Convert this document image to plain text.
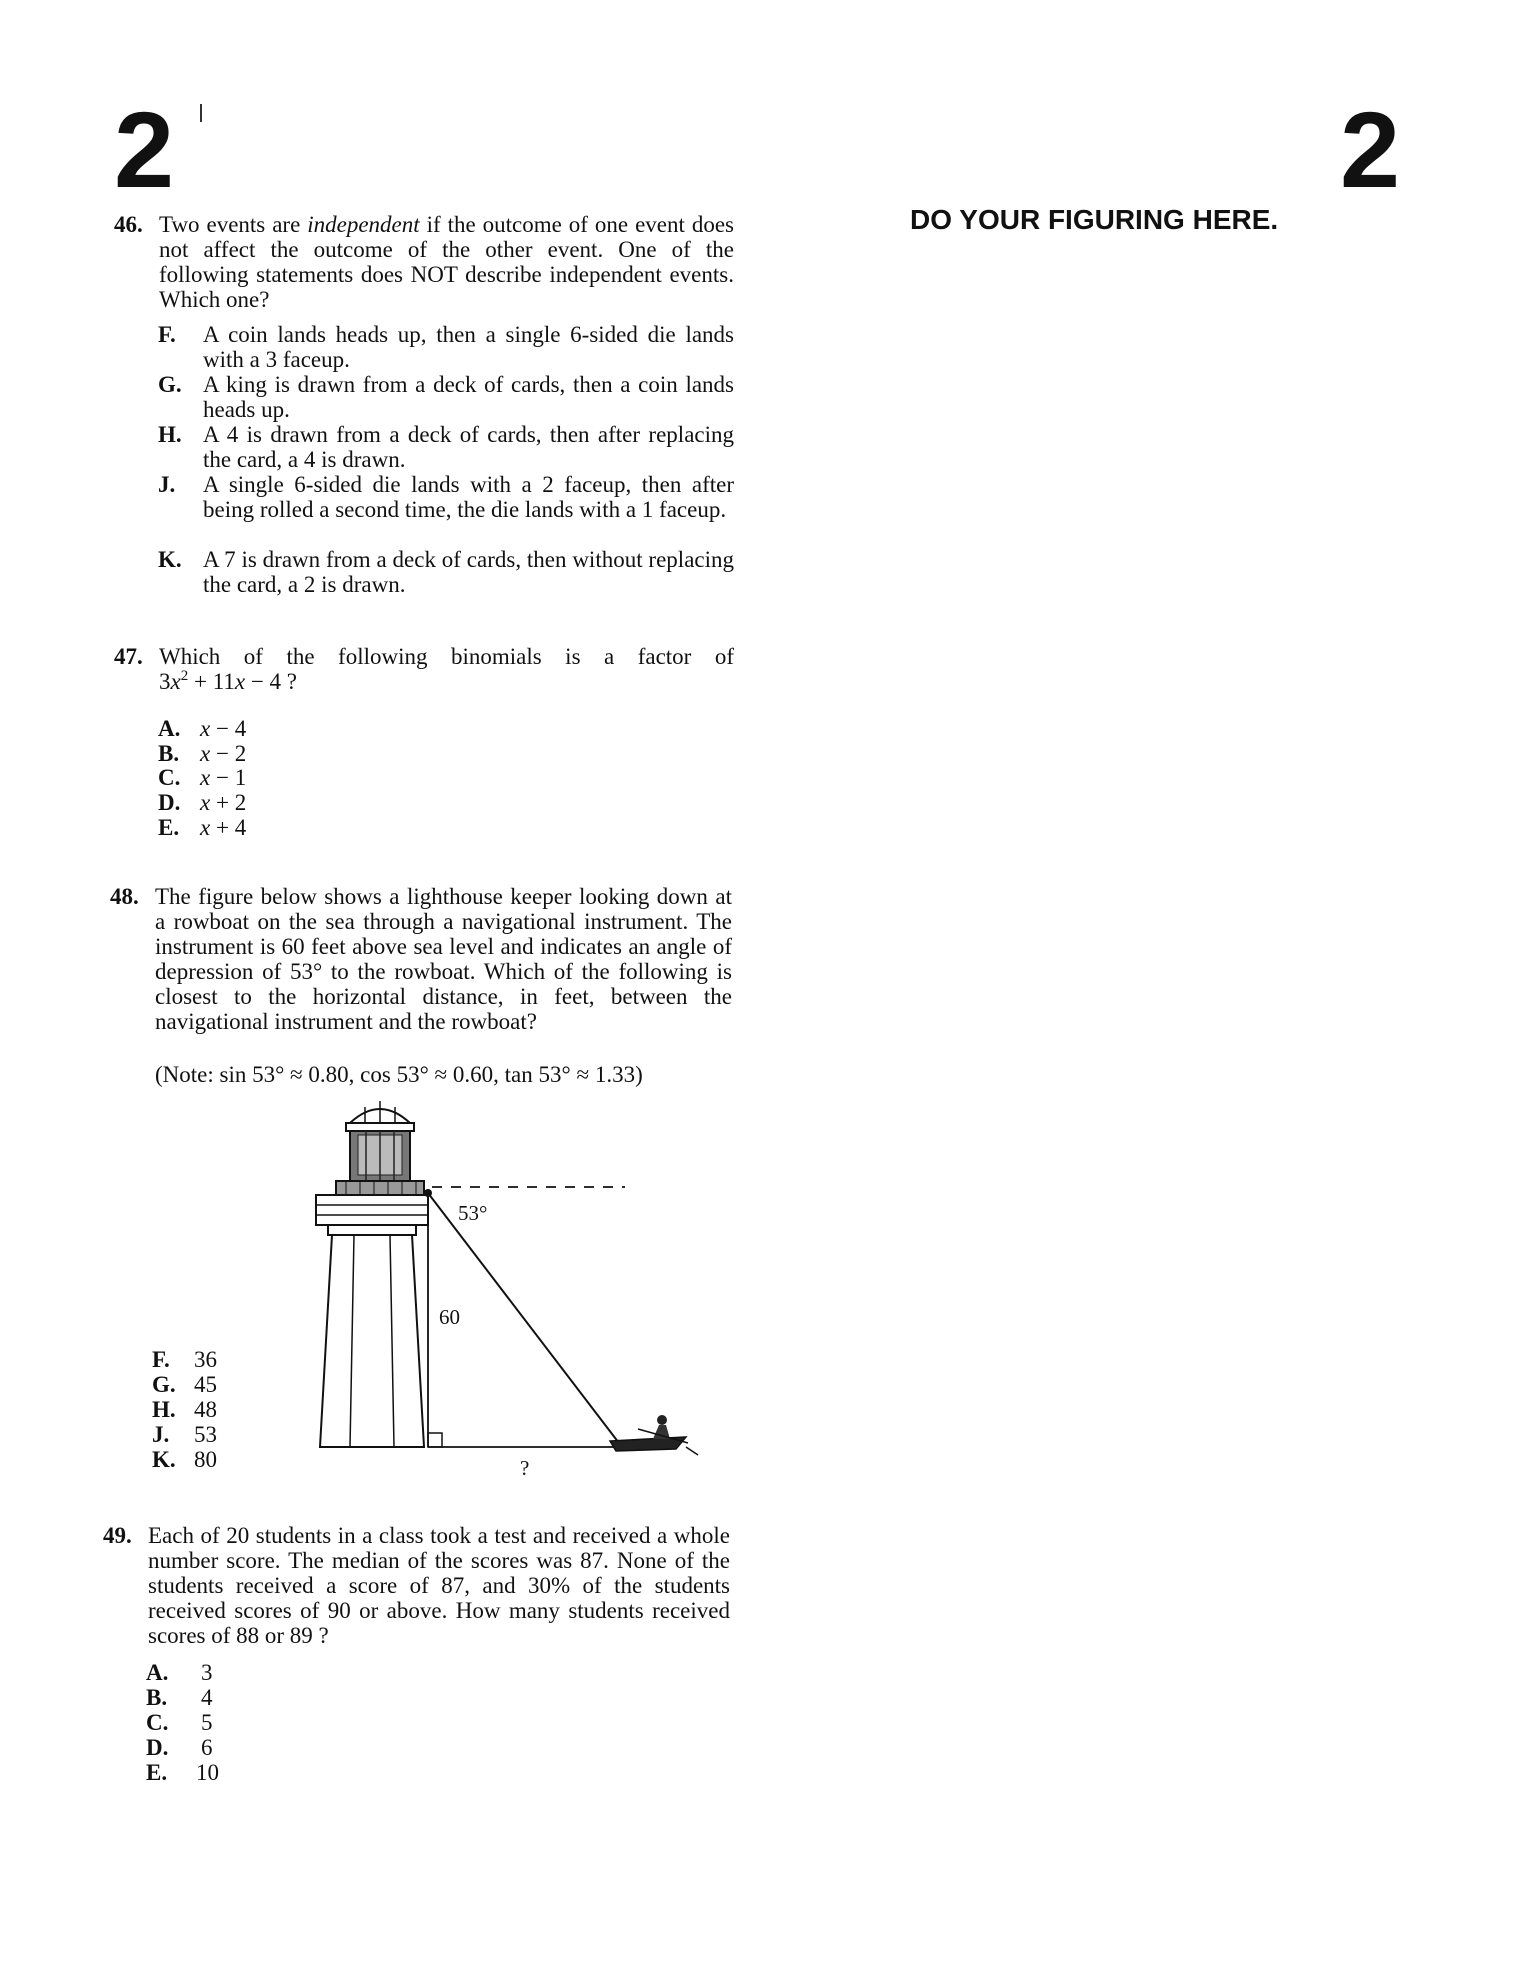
2	2
DO YOUR FIGURING HERE.
46. Two events are independent if the outcome of one event does not affect the outcome of the other event. One of the following statements does NOT describe independent events. Which one?
F. A coin lands heads up, then a single 6-sided die lands with a 3 faceup.
G. A king is drawn from a deck of cards, then a coin lands heads up.
H. A 4 is drawn from a deck of cards, then after replacing the card, a 4 is drawn.
J. A single 6-sided die lands with a 2 faceup, then after being rolled a second time, the die lands with a 1 faceup.
K. A 7 is drawn from a deck of cards, then without replacing the card, a 2 is drawn.
47. Which of the following binomials is a factor of $3x^2 + 11x - 4$ ?
A. x − 4
B. x − 2
C. x − 1
D. x + 2
E. x + 4
48. The figure below shows a lighthouse keeper looking down at a rowboat on the sea through a navigational instrument. The instrument is 60 feet above sea level and indicates an angle of depression of 53° to the rowboat. Which of the following is closest to the horizontal distance, in feet, between the navigational instrument and the rowboat?
(Note: sin 53° ≈ 0.80, cos 53° ≈ 0.60, tan 53° ≈ 1.33)
53°
60
?
F. 36
G. 45
H. 48
J. 53
K. 80
49. Each of 20 students in a class took a test and received a whole number score. The median of the scores was 87. None of the students received a score of 87, and 30% of the students received scores of 90 or above. How many students received scores of 88 or 89 ?
A. 3
B. 4
C. 5
D. 6
E. 10
